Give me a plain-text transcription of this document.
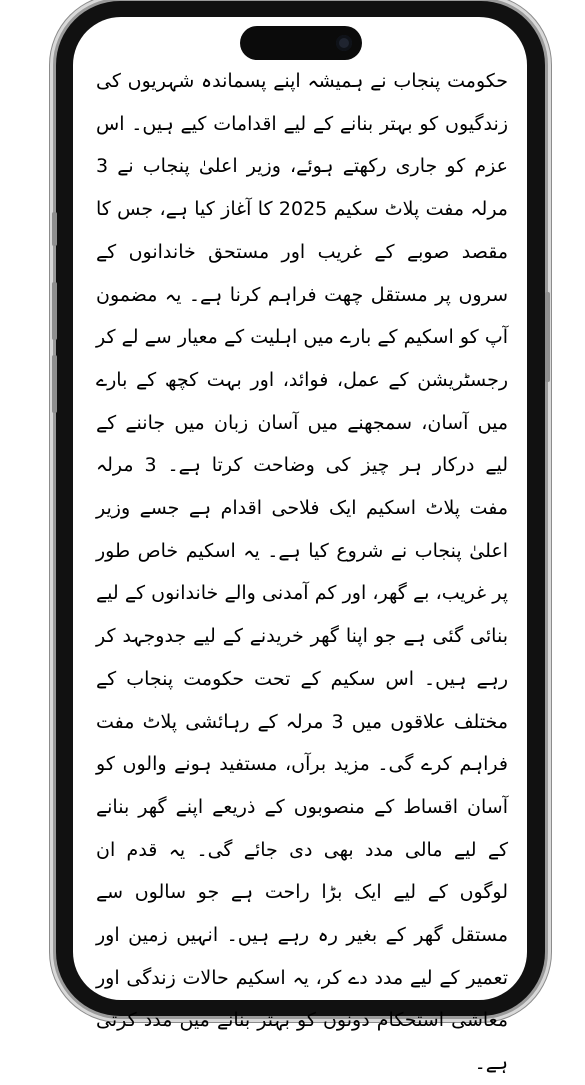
حکومت پنجاب نے ہمیشہ اپنے پسماندہ شہریوں کی زندگیوں کو بہتر بنانے کے لیے اقدامات کیے ہیں۔ اس عزم کو جاری رکھتے ہوئے، وزیر اعلیٰ پنجاب نے 3 مرلہ مفت پلاٹ سکیم 2025 کا آغاز کیا ہے، جس کا مقصد صوبے کے غریب اور مستحق خاندانوں کے سروں پر مستقل چھت فراہم کرنا ہے۔ یہ مضمون آپ کو اسکیم کے بارے میں اہلیت کے معیار سے لے کر رجسٹریشن کے عمل، فوائد، اور بہت کچھ کے بارے میں آسان، سمجھنے میں آسان زبان میں جاننے کے لیے درکار ہر چیز کی وضاحت کرتا ہے۔ 3 مرلہ مفت پلاٹ اسکیم ایک فلاحی اقدام ہے جسے وزیر اعلیٰ پنجاب نے شروع کیا ہے۔ یہ اسکیم خاص طور پر غریب، بے گھر، اور کم آمدنی والے خاندانوں کے لیے بنائی گئی ہے جو اپنا گھر خریدنے کے لیے جدوجہد کر رہے ہیں۔ اس سکیم کے تحت حکومت پنجاب کے مختلف علاقوں میں 3 مرلہ کے رہائشی پلاٹ مفت فراہم کرے گی۔ مزید برآں، مستفید ہونے والوں کو آسان اقساط کے منصوبوں کے ذریعے اپنے گھر بنانے کے لیے مالی مدد بھی دی جائے گی۔ یہ قدم ان لوگوں کے لیے ایک بڑا راحت ہے جو سالوں سے مستقل گھر کے بغیر رہ رہے ہیں۔ انہیں زمین اور تعمیر کے لیے مدد دے کر، یہ اسکیم حالات زندگی اور معاشی استحکام دونوں کو بہتر بنانے میں مدد کرتی ہے۔
